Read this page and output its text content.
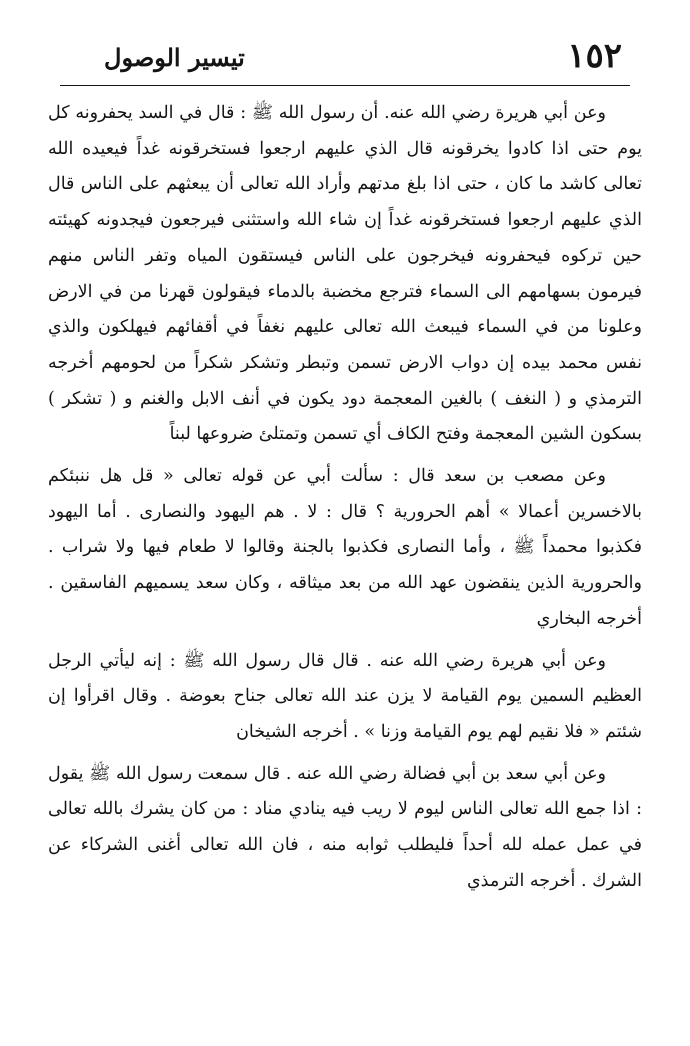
١٥٢
تيسير الوصول

وعن أبي هريرة رضي الله عنه. أن رسول الله ﷺ : قال في السد يحفرونه كل يوم حتى اذا كادوا يخرقونه قال الذي عليهم ارجعوا فستخرقونه غداً فيعيده الله تعالى كاشد ما كان ، حتى اذا بلغ مدتهم وأراد الله تعالى أن يبعثهم على الناس قال الذي عليهم ارجعوا فستخرقونه غداً إن شاء الله واستثنى فيرجعون فيجدونه كهيئته حين تركوه فيحفرونه فيخرجون على الناس فيستقون المياه وتفر الناس منهم فيرمون بسهامهم الى السماء فترجع مخضبة بالدماء فيقولون قهرنا من في الارض وعلونا من في السماء فيبعث الله تعالى عليهم نغفاً في أقفائهم فيهلكون والذي نفس محمد بيده إن دواب الارض تسمن وتبطر وتشكر شكراً من لحومهم أخرجه الترمذي و ( النغف ) بالغين المعجمة دود يكون في أنف الابل والغنم و ( تشكر ) بسكون الشين المعجمة وفتح الكاف أي تسمن وتمتلئ ضروعها لبناً

وعن مصعب بن سعد قال : سألت أبي عن قوله تعالى « قل هل ننبئكم بالاخسرين أعمالا » أهم الحرورية ؟ قال : لا . هم اليهود والنصارى . أما اليهود فكذبوا محمداً ﷺ ، وأما النصارى فكذبوا بالجنة وقالوا لا طعام فيها ولا شراب . والحرورية الذين ينقضون عهد الله من بعد ميثاقه ، وكان سعد يسميهم الفاسقين . أخرجه البخاري

وعن أبي هريرة رضي الله عنه . قال قال رسول الله ﷺ : إنه ليأتي الرجل العظيم السمين يوم القيامة لا يزن عند الله تعالى جناح بعوضة . وقال اقرأوا إن شئتم « فلا نقيم لهم يوم القيامة وزنا » . أخرجه الشيخان

وعن أبي سعد بن أبي فضالة رضي الله عنه . قال سمعت رسول الله ﷺ يقول : اذا جمع الله تعالى الناس ليوم لا ريب فيه ينادي مناد : من كان يشرك بالله تعالى في عمل عمله لله أحداً فليطلب ثوابه منه ، فان الله تعالى أغنى الشركاء عن الشرك . أخرجه الترمذي
